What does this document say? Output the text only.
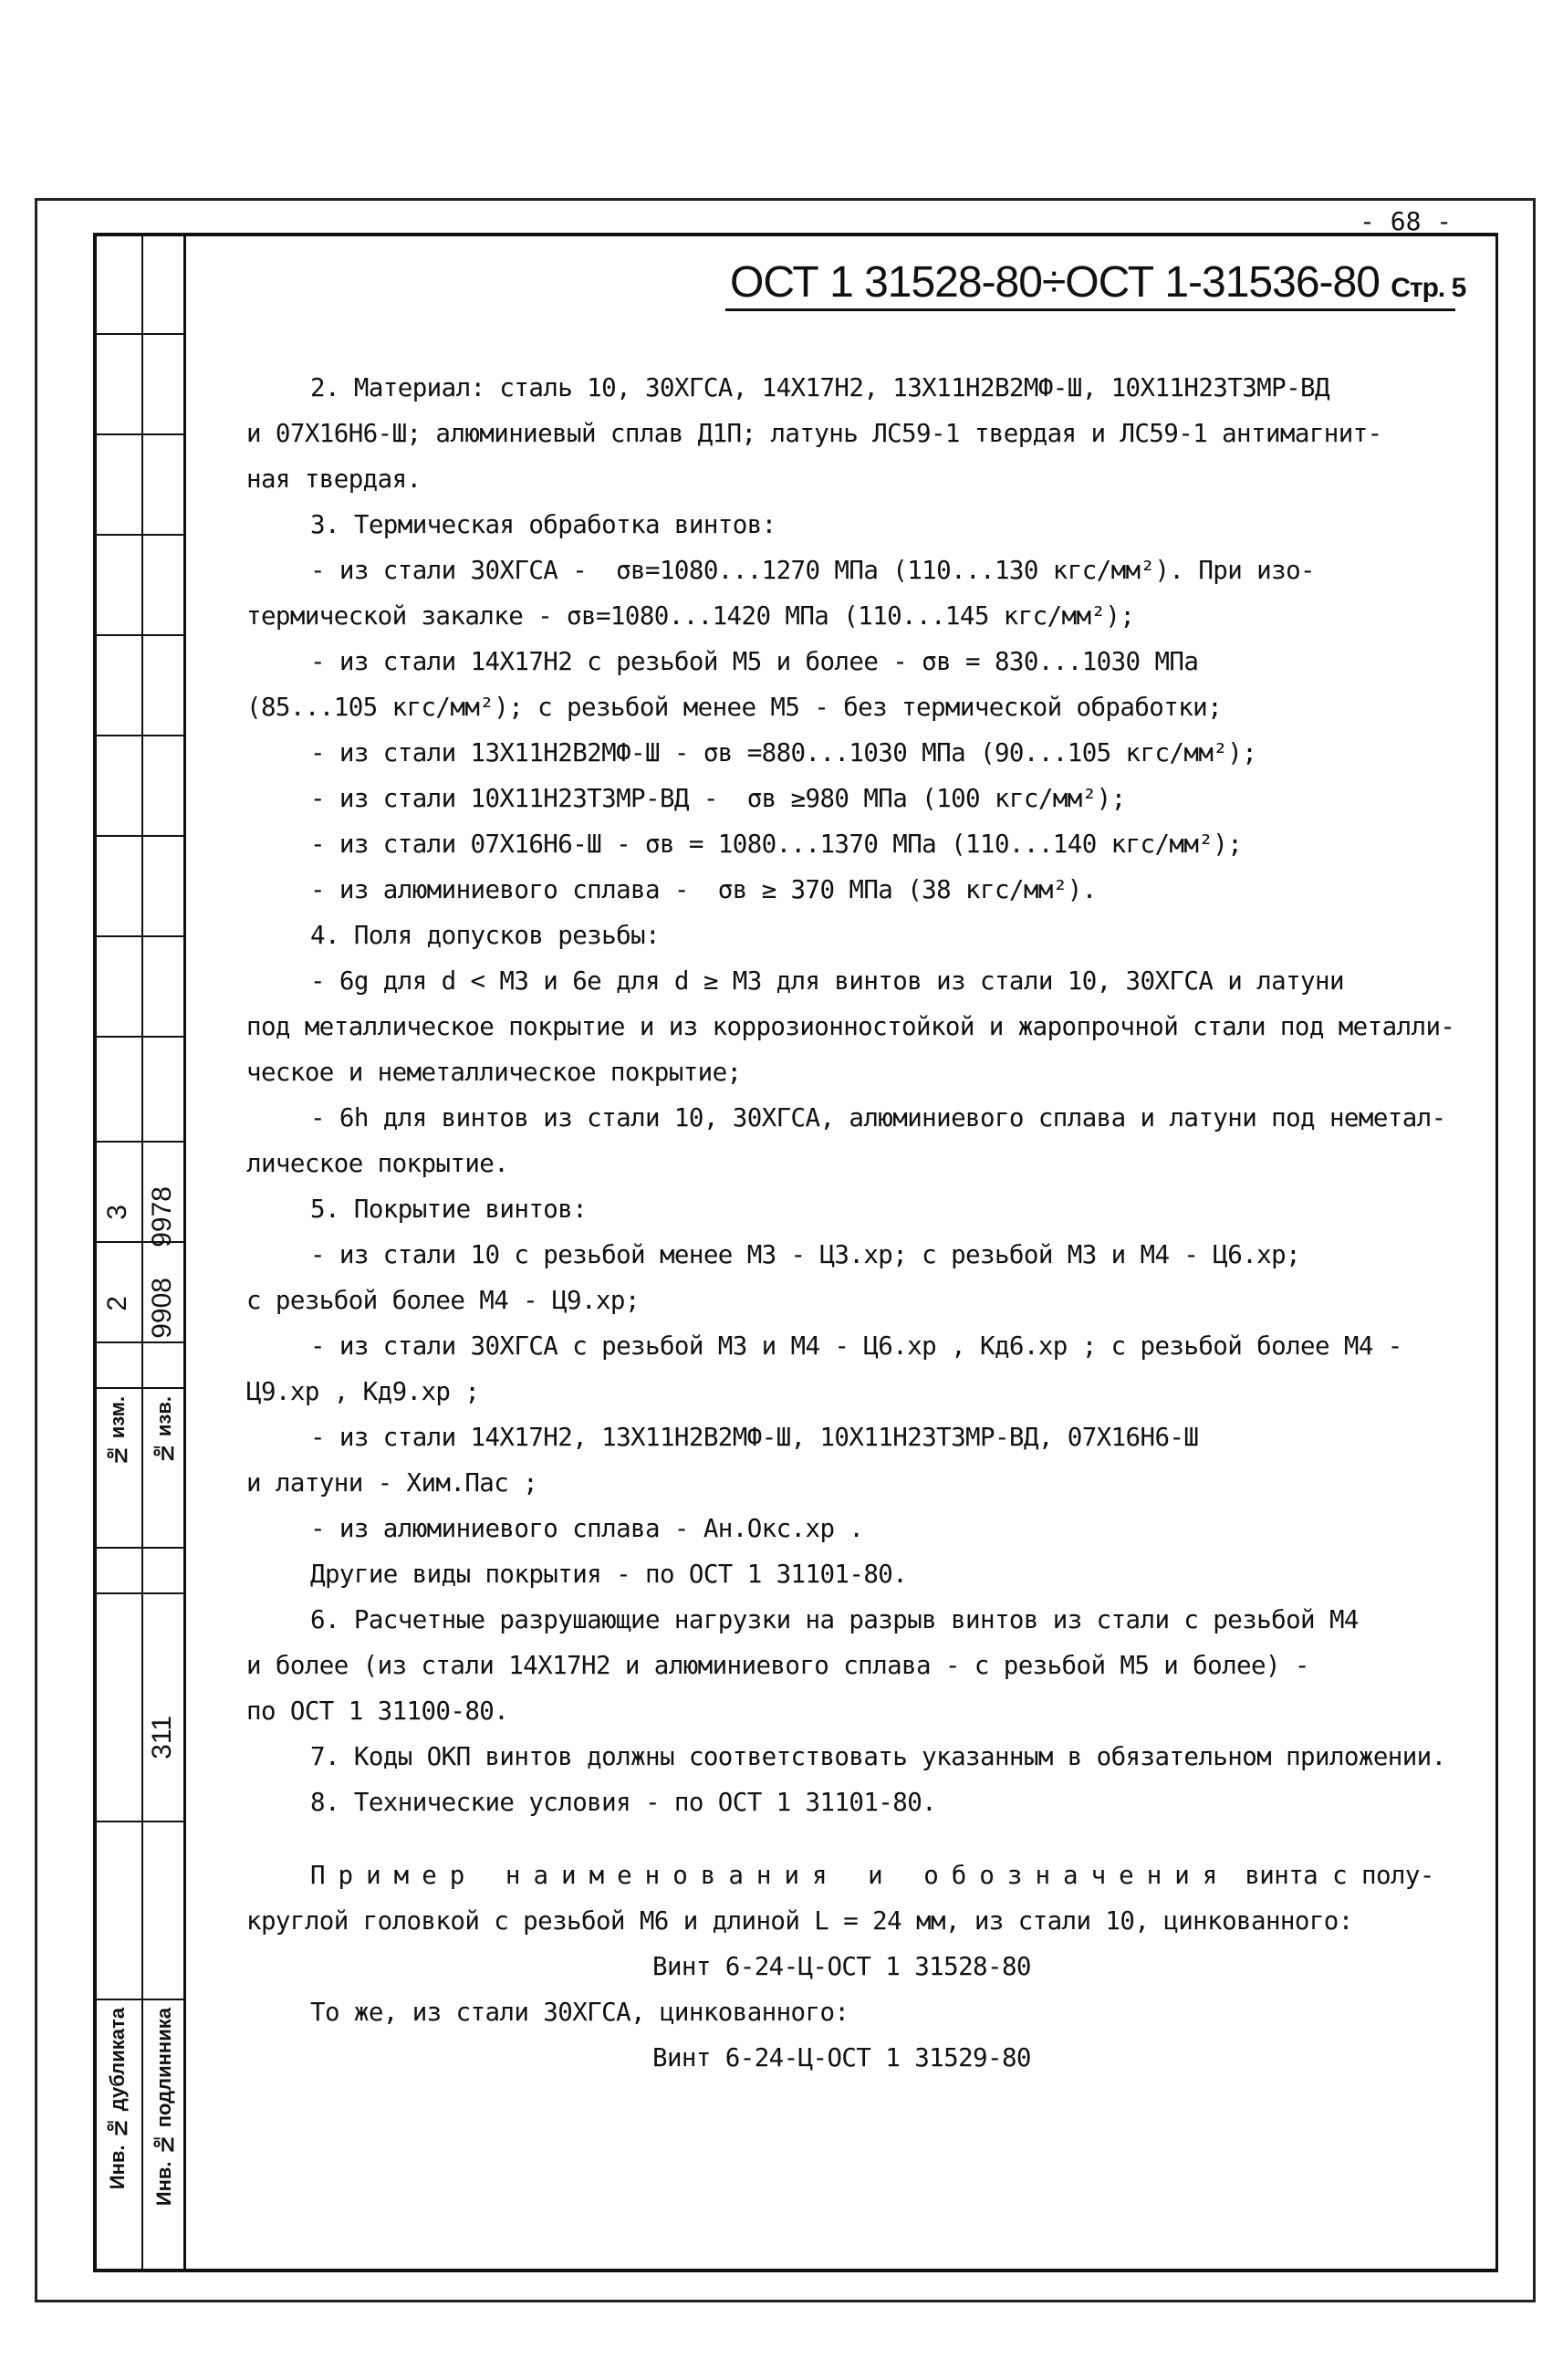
- 68 -
ОСТ 1 31528-80÷ОСТ 1-31536-80 Стр. 5
3 9978
2 9908
№ изм. № изв.
311
Инв. № дубликата Инв. № подлинника
2. Материал: сталь 10, 30ХГСА, 14Х17Н2, 13Х11Н2В2МФ-Ш, 10Х11Н23Т3МР-ВД
и 07Х16Н6-Ш; алюминиевый сплав Д1П; латунь ЛС59-1 твердая и ЛС59-1 антимагнит-
ная твердая.
3. Термическая обработка винтов:
- из стали 30ХГСА -  σв=1080...1270 МПа (110...130 кгс/мм²). При изо-
термической закалке - σв=1080...1420 МПа (110...145 кгс/мм²);
- из стали 14Х17Н2 с резьбой М5 и более - σв = 830...1030 МПа
(85...105 кгс/мм²); с резьбой менее М5 - без термической обработки;
- из стали 13Х11Н2В2МФ-Ш - σв =880...1030 МПа (90...105 кгс/мм²);
- из стали 10Х11Н23Т3МР-ВД -  σв ≥980 МПа (100 кгс/мм²);
- из стали 07Х16Н6-Ш - σв = 1080...1370 МПа (110...140 кгс/мм²);
- из алюминиевого сплава -  σв ≥ 370 МПа (38 кгс/мм²).
4. Поля допусков резьбы:
- 6g для d < М3 и 6е для d ≥ М3 для винтов из стали 10, 30ХГСА и латуни
под металлическое покрытие и из коррозионностойкой и жаропрочной стали под металли-
ческое и неметаллическое покрытие;
- 6h для винтов из стали 10, 30ХГСА, алюминиевого сплава и латуни под неметал-
лическое покрытие.
5. Покрытие винтов:
- из стали 10 с резьбой менее М3 - Ц3.хр; с резьбой М3 и М4 - Ц6.хр;
с резьбой более М4 - Ц9.хр;
- из стали 30ХГСА с резьбой М3 и М4 - Ц6.хр , Кд6.хр ; с резьбой более М4 -
Ц9.хр , Кд9.хр ;
- из стали 14Х17Н2, 13Х11Н2В2МФ-Ш, 10Х11Н23Т3МР-ВД, 07Х16Н6-Ш
и латуни - Хим.Пас ;
- из алюминиевого сплава - Ан.Окс.хр .
Другие виды покрытия - по ОСТ 1 31101-80.
6. Расчетные разрушающие нагрузки на разрыв винтов из стали с резьбой М4
и более (из стали 14Х17Н2 и алюминиевого сплава - с резьбой М5 и более) -
по ОСТ 1 31100-80.
7. Коды ОКП винтов должны соответствовать указанным в обязательном приложении.
8. Технические условия - по ОСТ 1 31101-80.
Пример наименования и обозначения винта с полу-
круглой головкой с резьбой М6 и длиной L = 24 мм, из стали 10, цинкованного:
Винт 6-24-Ц-ОСТ 1 31528-80
То же, из стали 30ХГСА, цинкованного:
Винт 6-24-Ц-ОСТ 1 31529-80
